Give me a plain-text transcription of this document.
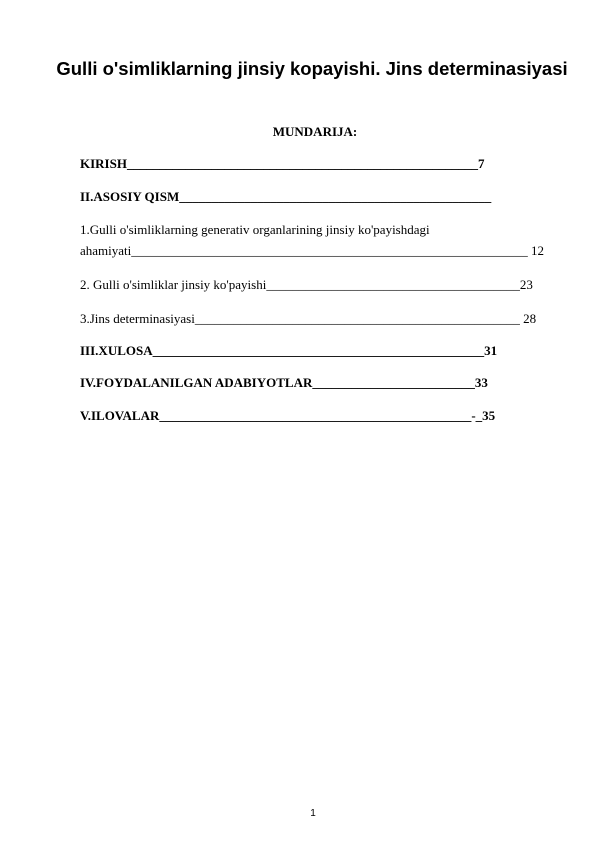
Gulli o'simliklarning jinsiy kopayishi. Jins determinasiyasi
MUNDARIJA:
KIRISH______________________________________________________7
II.ASOSIY QISM________________________________________________
1.Gulli o'simliklarning generativ organlarining jinsiy ko'payishdagi
ahamiyati_____________________________________________________________ 12
2. Gulli o'simliklar jinsiy ko'payishi_______________________________________23
3.Jins determinasiyasi__________________________________________________ 28
III.XULOSA___________________________________________________31
IV.FOYDALANILGAN ADABIYOTLAR_________________________33
V.ILOVALAR________________________________________________-_35
1
